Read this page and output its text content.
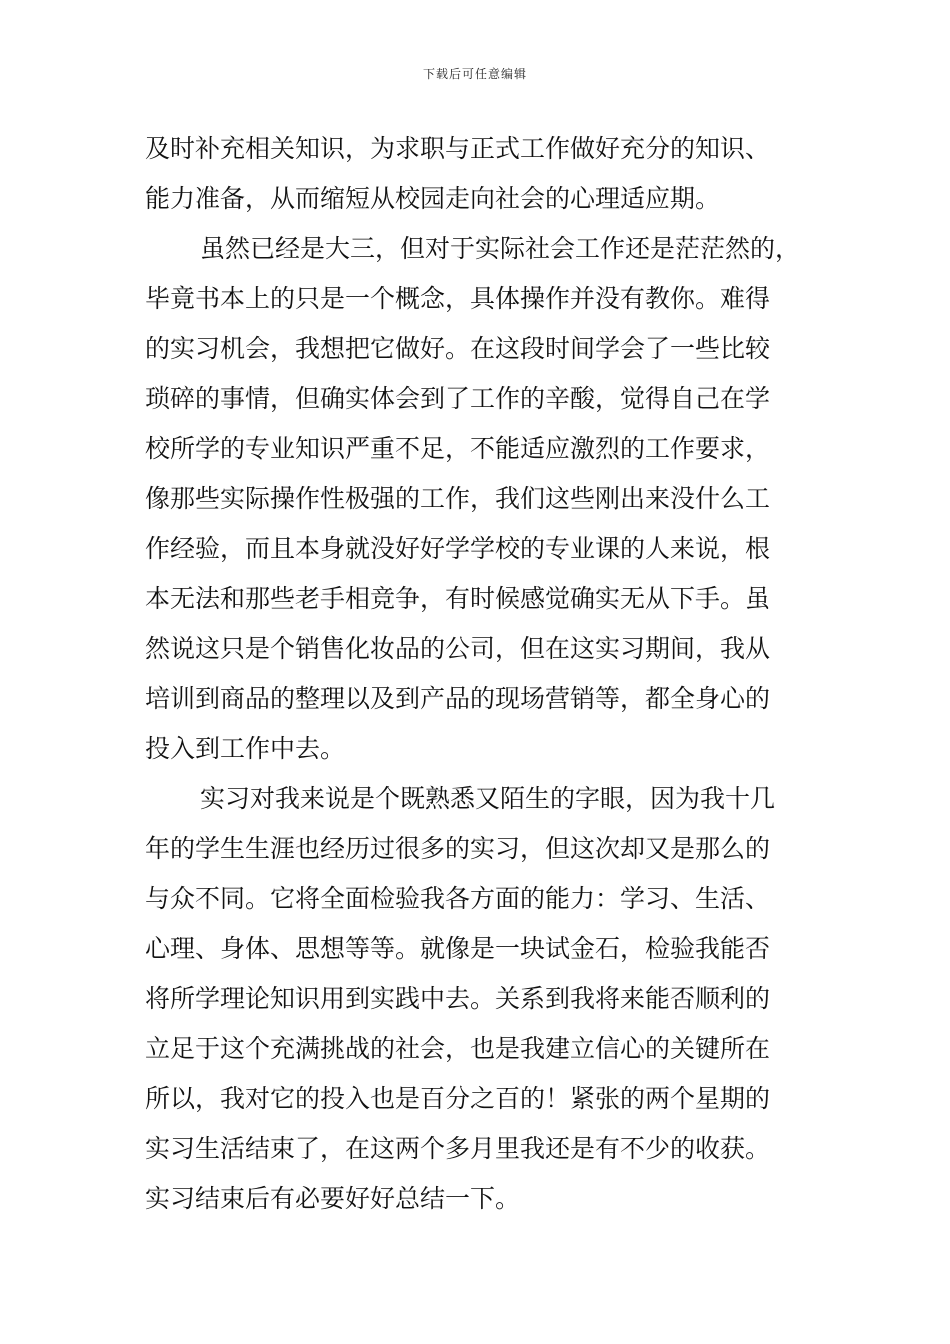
下载后可任意编辑
及时补充相关知识，为求职与正式工作做好充分的知识、
能力准备，从而缩短从校园走向社会的心理适应期。
虽然已经是大三，但对于实际社会工作还是茫茫然的，
毕竟书本上的只是一个概念，具体操作并没有教你。难得
的实习机会，我想把它做好。在这段时间学会了一些比较
琐碎的事情，但确实体会到了工作的辛酸，觉得自己在学
校所学的专业知识严重不足，不能适应激烈的工作要求，
像那些实际操作性极强的工作，我们这些刚出来没什么工
作经验，而且本身就没好好学学校的专业课的人来说，根
本无法和那些老手相竞争，有时候感觉确实无从下手。虽
然说这只是个销售化妆品的公司，但在这实习期间，我从
培训到商品的整理以及到产品的现场营销等，都全身心的
投入到工作中去。
实习对我来说是个既熟悉又陌生的字眼，因为我十几
年的学生生涯也经历过很多的实习，但这次却又是那么的
与众不同。它将全面检验我各方面的能力：学习、生活、
心理、身体、思想等等。就像是一块试金石，检验我能否
将所学理论知识用到实践中去。关系到我将来能否顺利的
立足于这个充满挑战的社会，也是我建立信心的关键所在
所以，我对它的投入也是百分之百的！紧张的两个星期的
实习生活结束了，在这两个多月里我还是有不少的收获。
实习结束后有必要好好总结一下。
